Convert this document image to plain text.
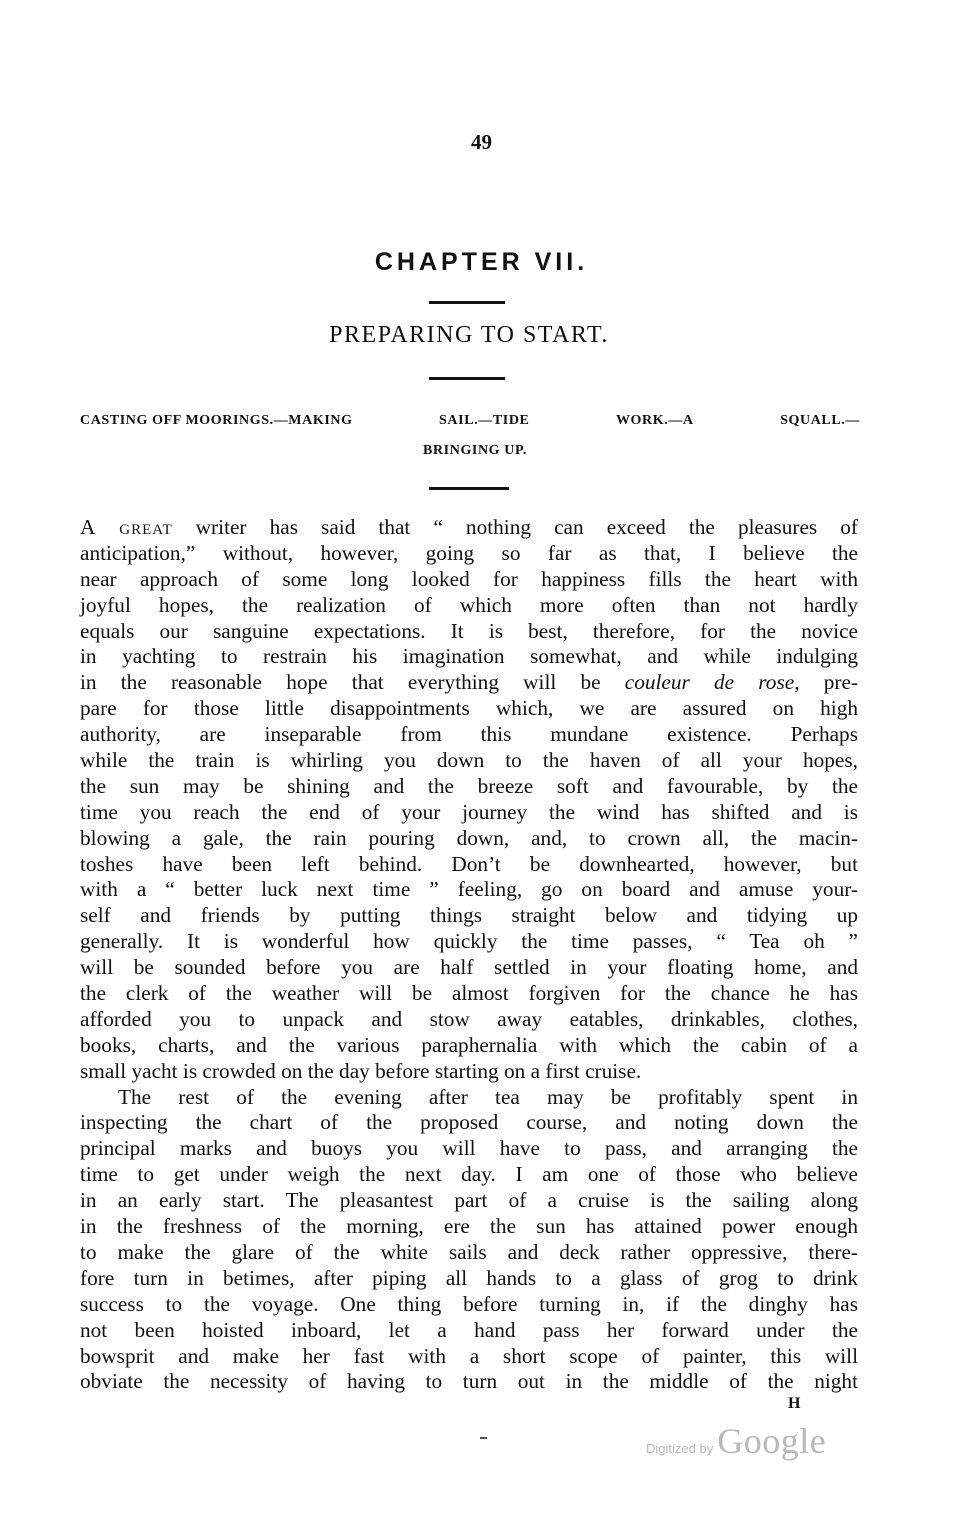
49
CHAPTER VII.
PREPARING TO START.
CASTING OFF MOORINGS.—MAKING	SAIL.—TIDE	WORK.—A	SQUALL.—
BRINGING UP.
A great writer has said that “ nothing can exceed the pleasures of
anticipation,” without, however, going so far as that, I believe the
near approach of some long looked for happiness fills the heart with
joyful hopes, the realization of which more often than not hardly
equals our sanguine expectations. It is best, therefore, for the novice
in yachting to restrain his imagination somewhat, and while indulging
in the reasonable hope that everything will be couleur de rose, pre-
pare for those little disappointments which, we are assured on high
authority, are inseparable from this mundane existence. Perhaps
while the train is whirling you down to the haven of all your hopes,
the sun may be shining and the breeze soft and favourable, by the
time you reach the end of your journey the wind has shifted and is
blowing a gale, the rain pouring down, and, to crown all, the macin-
toshes have been left behind. Don’t be downhearted, however, but
with a “ better luck next time ” feeling, go on board and amuse your-
self and friends by putting things straight below and tidying up
generally. It is wonderful how quickly the time passes, “ Tea oh ”
will be sounded before you are half settled in your floating home, and
the clerk of the weather will be almost forgiven for the chance he has
afforded you to unpack and stow away eatables, drinkables, clothes,
books, charts, and the various paraphernalia with which the cabin of a
small yacht is crowded on the day before starting on a first cruise.
The rest of the evening after tea may be profitably spent in
inspecting the chart of the proposed course, and noting down the
principal marks and buoys you will have to pass, and arranging the
time to get under weigh the next day. I am one of those who believe
in an early start. The pleasantest part of a cruise is the sailing along
in the freshness of the morning, ere the sun has attained power enough
to make the glare of the white sails and deck rather oppressive, there-
fore turn in betimes, after piping all hands to a glass of grog to drink
success to the voyage. One thing before turning in, if the dinghy has
not been hoisted inboard, let a hand pass her forward under the
bowsprit and make her fast with a short scope of painter, this will
obviate the necessity of having to turn out in the middle of the night
H
Digitized by Google
